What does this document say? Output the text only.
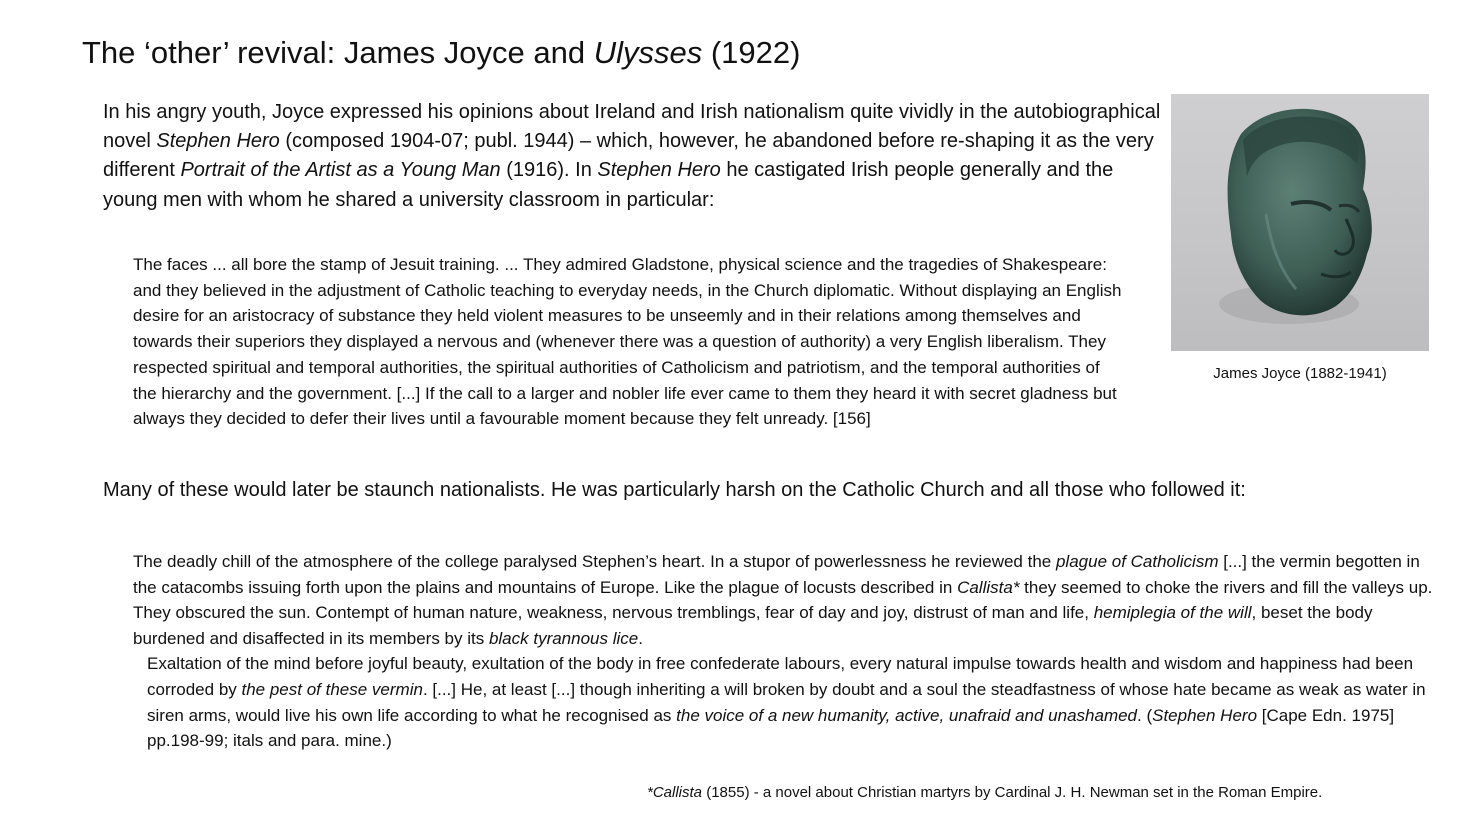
The ‘other’ revival: James Joyce and Ulysses (1922)

In his angry youth, Joyce expressed his opinions about Ireland and Irish nationalism quite vividly in the autobiographical novel Stephen Hero (composed 1904-07; publ. 1944) – which, however, he abandoned before re-shaping it as the very different Portrait of the Artist as a Young Man (1916). In Stephen Hero he castigated Irish people generally and the young men with whom he shared a university classroom in particular:

The faces ... all bore the stamp of Jesuit training. ... They admired Gladstone, physical science and the tragedies of Shakespeare: and they believed in the adjustment of Catholic teaching to everyday needs, in the Church diplomatic. Without displaying an English desire for an aristocracy of substance they held violent measures to be unseemly and in their relations among themselves and towards their superiors they displayed a nervous and (whenever there was a question of authority) a very English liberalism. They respected spiritual and temporal authorities, the spiritual authorities of Catholicism and patriotism, and the temporal authorities of the hierarchy and the government. [...] If the call to a larger and nobler life ever came to them they heard it with secret gladness but always they decided to defer their lives until a favourable moment because they felt unready. [156]

Many of these would later be staunch nationalists. He was particularly harsh on the Catholic Church and all those who followed it:

The deadly chill of the atmosphere of the college paralysed Stephen’s heart. In a stupor of powerlessness he reviewed the plague of Catholicism [...] the vermin begotten in the catacombs issuing forth upon the plains and mountains of Europe. Like the plague of locusts described in Callista* they seemed to choke the rivers and fill the valleys up. They obscured the sun. Contempt of human nature, weakness, nervous tremblings, fear of day and joy, distrust of man and life, hemiplegia of the will, beset the body burdened and disaffected in its members by its black tyrannous lice.
Exaltation of the mind before joyful beauty, exultation of the body in free confederate labours, every natural impulse towards health and wisdom and happiness had been corroded by the pest of these vermin. [...] He, at least [...] though inheriting a will broken by doubt and a soul the steadfastness of whose hate became as weak as water in siren arms, would live his own life according to what he recognised as the voice of a new humanity, active, unafraid and unashamed. (Stephen Hero [Cape Edn. 1975] pp.198-99; itals and para. mine.)

James Joyce (1882-1941)

*Callista (1855) - a novel about Christian martyrs by Cardinal J. H. Newman set in the Roman Empire.
